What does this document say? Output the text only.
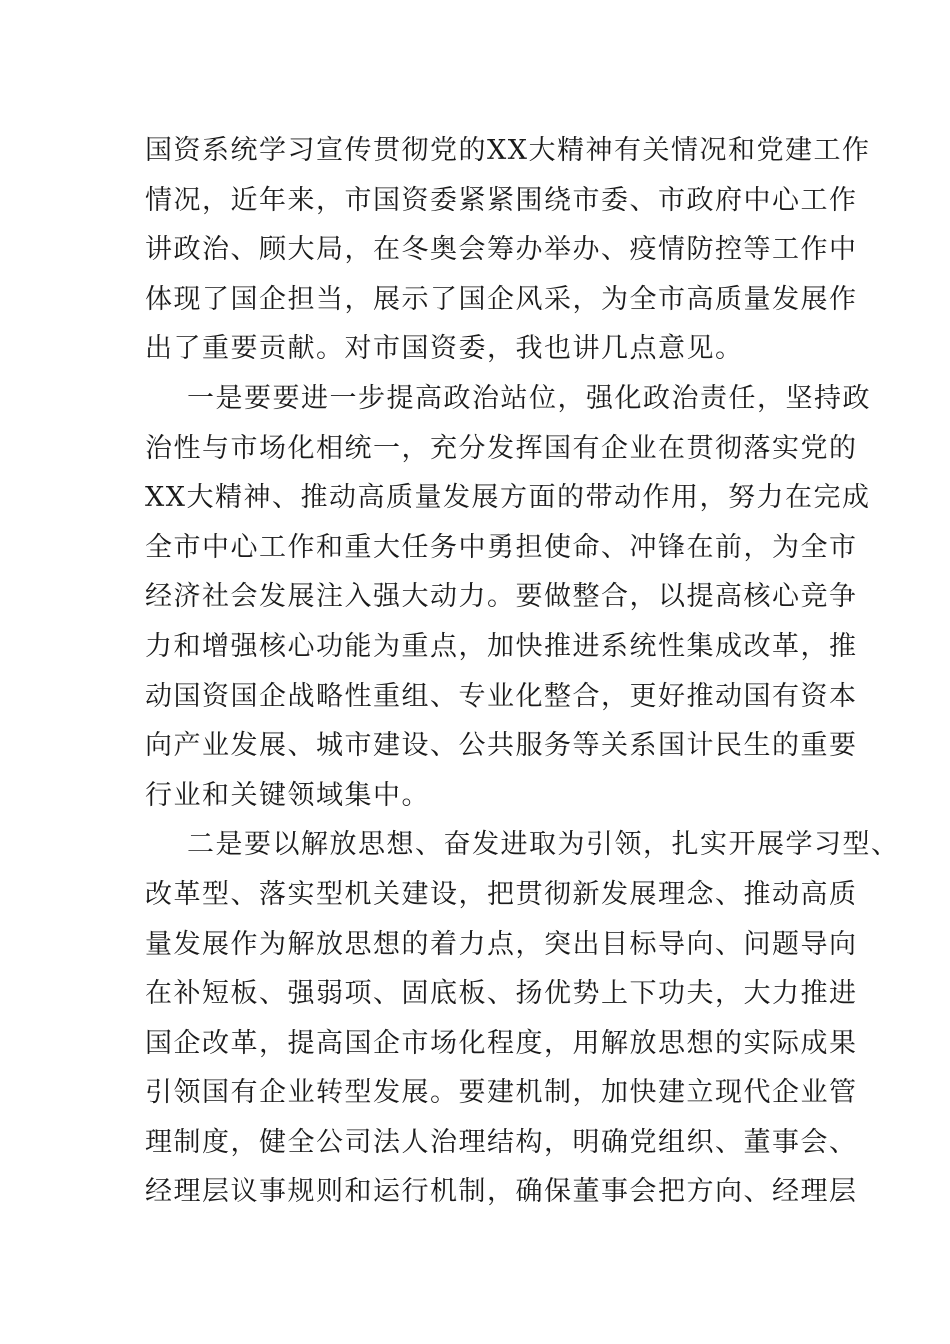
国资系统学习宣传贯彻党的XX大精神有关情况和党建工作
情况，近年来，市国资委紧紧围绕市委、市政府中心工作
讲政治、顾大局，在冬奥会筹办举办、疫情防控等工作中
体现了国企担当，展示了国企风采，为全市高质量发展作
出了重要贡献。对市国资委，我也讲几点意见。
一是要要进一步提高政治站位，强化政治责任，坚持政
治性与市场化相统一，充分发挥国有企业在贯彻落实党的
XX大精神、推动高质量发展方面的带动作用，努力在完成
全市中心工作和重大任务中勇担使命、冲锋在前，为全市
经济社会发展注入强大动力。要做整合，以提高核心竞争
力和增强核心功能为重点，加快推进系统性集成改革，推
动国资国企战略性重组、专业化整合，更好推动国有资本
向产业发展、城市建设、公共服务等关系国计民生的重要
行业和关键领域集中。
二是要以解放思想、奋发进取为引领，扎实开展学习型、
改革型、落实型机关建设，把贯彻新发展理念、推动高质
量发展作为解放思想的着力点，突出目标导向、问题导向
在补短板、强弱项、固底板、扬优势上下功夫，大力推进
国企改革，提高国企市场化程度，用解放思想的实际成果
引领国有企业转型发展。要建机制，加快建立现代企业管
理制度，健全公司法人治理结构，明确党组织、董事会、
经理层议事规则和运行机制，确保董事会把方向、经理层
